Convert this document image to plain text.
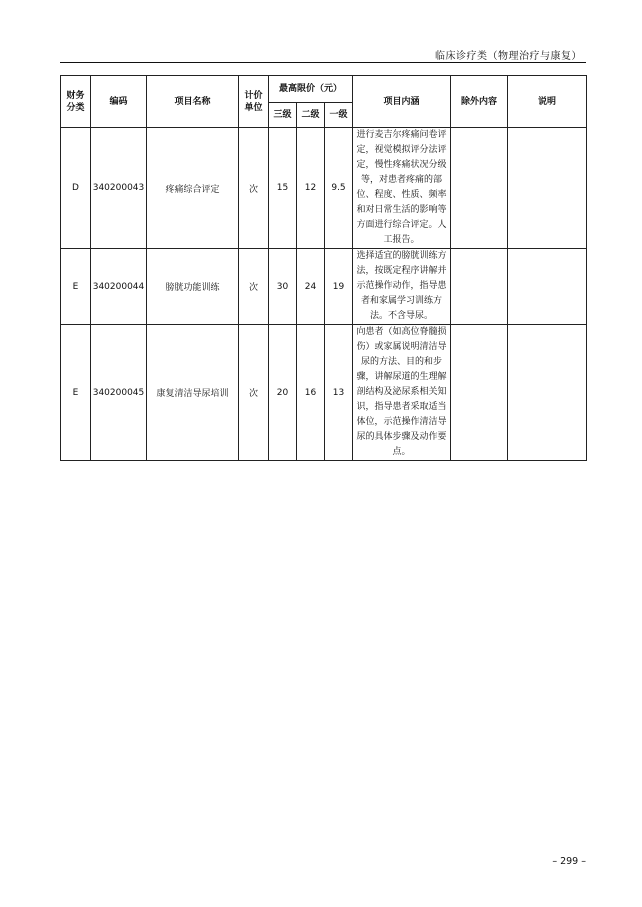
临床诊疗类（物理治疗与康复）
财务分类	编码	项目名称	计价单位	最高限价（元）			项目内涵	除外内容	说明
				三级	二级	一级			
D	340200043	疼痛综合评定	次	15	12	9.5	进行麦吉尔疼痛问卷评定，视觉模拟评分法评定，慢性疼痛状况分级等，对患者疼痛的部位、程度、性质、频率和对日常生活的影响等方面进行综合评定。人工报告。		
E	340200044	膀胱功能训练	次	30	24	19	选择适宜的膀胱训练方法，按既定程序讲解并示范操作动作，指导患者和家属学习训练方法。不含导尿。		
E	340200045	康复清洁导尿培训	次	20	16	13	向患者（如高位脊髓损伤）或家属说明清洁导尿的方法、目的和步骤，讲解尿道的生理解剖结构及泌尿系相关知识，指导患者采取适当体位，示范操作清洁导尿的具体步骤及动作要点。		
– 299 –
